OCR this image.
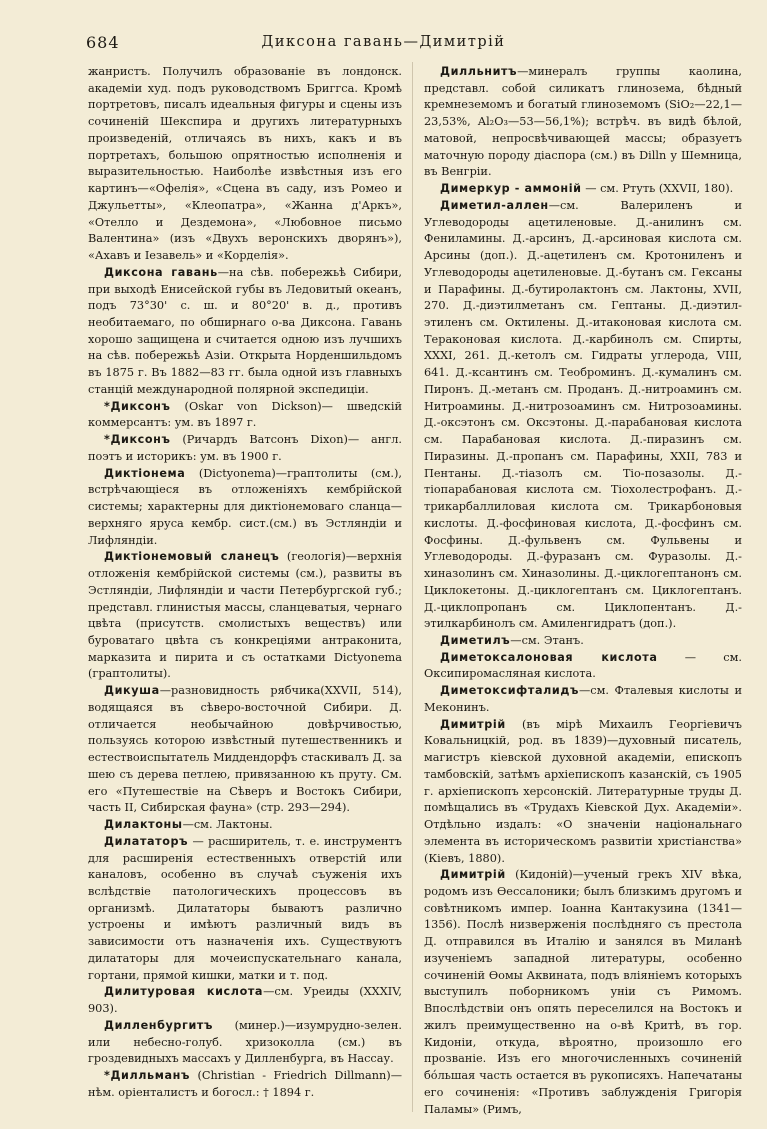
684	Диксона гавань—Димитрій

жанристъ. Получилъ образованіе въ лондонск. академіи худ. подъ руководствомъ Бриггса. Кромѣ портретовъ, писалъ идеальныя фигуры и сцены изъ сочиненій Шекспира и другихъ литературныхъ произведеній, отличаясь въ нихъ, какъ и въ портретахъ, большою опрятностью исполненія и выразительностью. Наиболѣе извѣстныя изъ его картинъ—«Офелія», «Сцена въ саду, изъ Ромео и Джульетты», «Клеопатра», «Жанна д'Аркъ», «Отелло и Дездемона», «Любовное письмо Валентина» (изъ «Двухъ веронскихъ дворянъ»), «Ахавъ и Іезавель» и «Корделія».

Диксона гавань—на сѣв. побережьѣ Сибири, при выходѣ Енисейской губы въ Ледовитый океанъ, подъ 73°30' с. ш. и 80°20' в. д., противъ необитаемаго, по обширнаго о-ва Диксона. Гавань хорошо защищена и считается одною изъ лучшихъ на сѣв. побережьѣ Азіи. Открыта Норденшильдомъ въ 1875 г. Въ 1882—83 гг. была одной изъ главныхъ станцій международной полярной экспедиціи.

*Диксонъ (Oskar von Dickson)— шведскій коммерсантъ: ум. въ 1897 г.

*Диксонъ (Ричардъ Ватсонъ Dixon)— англ. поэтъ и историкъ: ум. въ 1900 г.

Диктіонема (Dictyonema)—граптолиты (см.), встрѣчающіеся въ отложеніяхъ кембрійской системы; характерны для диктіонемоваго сланца—верхняго яруса кембр. сист.(см.) въ Эстляндіи и Лифляндіи.

Диктіонемовый сланецъ (геологія)—верхнія отложенія кембрійской системы (см.), развиты въ Эстляндіи, Лифляндіи и части Петербургской губ.; представл. глинистыя массы, сланцеватыя, чернаго цвѣта (присутств. смолистыхъ веществъ) или буроватаго цвѣта съ конкреціями антраконита, марказита и пирита и съ остатками Dictyonema (граптолиты).

Дикуша—разновидность рябчика(XXVII, 514), водящаяся въ сѣверо-восточной Сибири. Д. отличается необычайною довѣрчивостью, пользуясь которою извѣстный путешественникъ и естествоиспытатель Миддендорфъ стаскивалъ Д. за шею съ дерева петлею, привязанною къ пруту. См. его «Путешествіе на Сѣверъ и Востокъ Сибири, часть II, Сибирская фауна» (стр. 293—294).

Дилактоны—см. Лактоны.

Дилататоръ — расширитель, т. е. инструментъ для расширенія естественныхъ отверстій или каналовъ, особенно въ случаѣ съуженія ихъ вслѣдствіе патологическихъ процессовъ въ организмѣ. Дилататоры бываютъ различно устроены и имѣютъ различный видъ въ зависимости отъ назначенія ихъ. Существуютъ дилататоры для мочеиспускательнаго канала, гортани, прямой кишки, матки и т. под.

Дилитуровая кислота—см. Уреиды (XXXIV, 903).

Дилленбургитъ (минер.)—изумрудно-зелен. или небесно-голуб. хризоколла (см.) въ гроздевидныхъ массахъ у Дилленбурга, въ Нассау.

*Дилльманъ (Christian - Friedrich Dillmann)—нѣм. оріенталистъ и богосл.: † 1894 г.

Дилльнитъ—минералъ группы каолина, представл. собой силикатъ глинозема, бѣдный кремнеземомъ и богатый глиноземомъ (SiO₂—22,1—23,53%, Al₂O₃—53—56,1%); встрѣч. въ видѣ бѣлой, матовой, непросвѣчивающей массы; образуетъ маточную породу діаспора (см.) въ Dilln у Шемница, въ Венгріи.

Димеркур - аммоній — см. Ртуть (XXVII, 180).

Диметил-аллен—см. Валериленъ и Углеводороды ацетиленовые. Д.-анилинъ см. Фениламины. Д.-арсинъ, Д.-арсиновая кислота см. Арсины (доп.). Д.-ацетиленъ см. Кротониленъ и Углеводороды ацетиленовые. Д.-бутанъ см. Гексаны и Парафины. Д.-бутиролактонъ см. Лактоны, XVII, 270. Д.-диэтилметанъ см. Гептаны. Д.-диэтил-этиленъ см. Октилены. Д.-итаконовая кислота см. Тераконовая кислота. Д.-карбинолъ см. Спирты, XXXI, 261. Д.-кетолъ см. Гидраты углерода, VIII, 641. Д.-ксантинъ см. Теоброминъ. Д.-кумалинъ см. Пиронъ. Д.-метанъ см. Проданъ. Д.-нитроаминъ см. Нитроамины. Д.-нитрозоаминъ см. Нитрозоамины. Д.-оксэтонъ см. Оксэтоны. Д.-парабановая кислота см. Парабановая кислота. Д.-пиразинъ см. Пиразины. Д.-пропанъ см. Парафины, XXII, 783 и Пентаны. Д.-тіазолъ см. Тіо-позазолы. Д.-тіопарабановая кислота см. Тіохолестрофанъ. Д.-трикарбаллиловая кислота см. Трикарбоновыя кислоты. Д.-фосфиновая кислота, Д.-фосфинъ см. Фосфины. Д.-фульвенъ см. Фульвены и Углеводороды. Д.-фуразанъ см. Фуразолы. Д.-хиназолинъ см. Хиназолины. Д.-циклогептанонъ см. Циклокетоны. Д.-циклогептанъ см. Циклогептанъ. Д.-циклопропанъ см. Циклопентанъ. Д.-этилкарбинолъ см. Амиленгидратъ (доп.).

Диметилъ—см. Этанъ.

Диметоксалоновая кислота — см. Оксипиромасляная кислота.

Диметоксифталидъ—см. Фталевыя кислоты и Меконинъ.

Димитрій (въ мірѣ Михаилъ Георгіевичъ Ковальницкій, род. въ 1839)—духовный писатель, магистръ кіевской духовной академіи, епископъ тамбовскій, затѣмъ архіепископъ казанскій, съ 1905 г. архіепископъ херсонскій. Литературные труды Д. помѣщались въ «Трудахъ Кіевской Дух. Академіи». Отдѣльно издалъ: «О значеніи національнаго элемента въ историческомъ развитіи христіанства» (Кіевъ, 1880).

Димитрій (Кидоній)—ученый грекъ XIV вѣка, родомъ изъ Ѳессалоники; былъ близкимъ другомъ и совѣтникомъ импер. Іоанна Кантакузина (1341—1356). Послѣ низверженія послѣдняго съ престола Д. отправился въ Италію и занялся въ Миланѣ изученіемъ западной литературы, особенно сочиненій Ѳомы Аквината, подъ вліяніемъ которыхъ выступилъ поборникомъ уніи съ Римомъ. Впослѣдствіи онъ опять переселился на Востокъ и жилъ преимущественно на о-вѣ Критѣ, въ гор. Кидоніи, откуда, вѣроятно, произошло его прозваніе. Изъ его многочисленныхъ сочиненій бóльшая часть остается въ рукописяхъ. Напечатаны его сочиненія: «Противъ заблужденія Григорія Паламы» (Римъ,
